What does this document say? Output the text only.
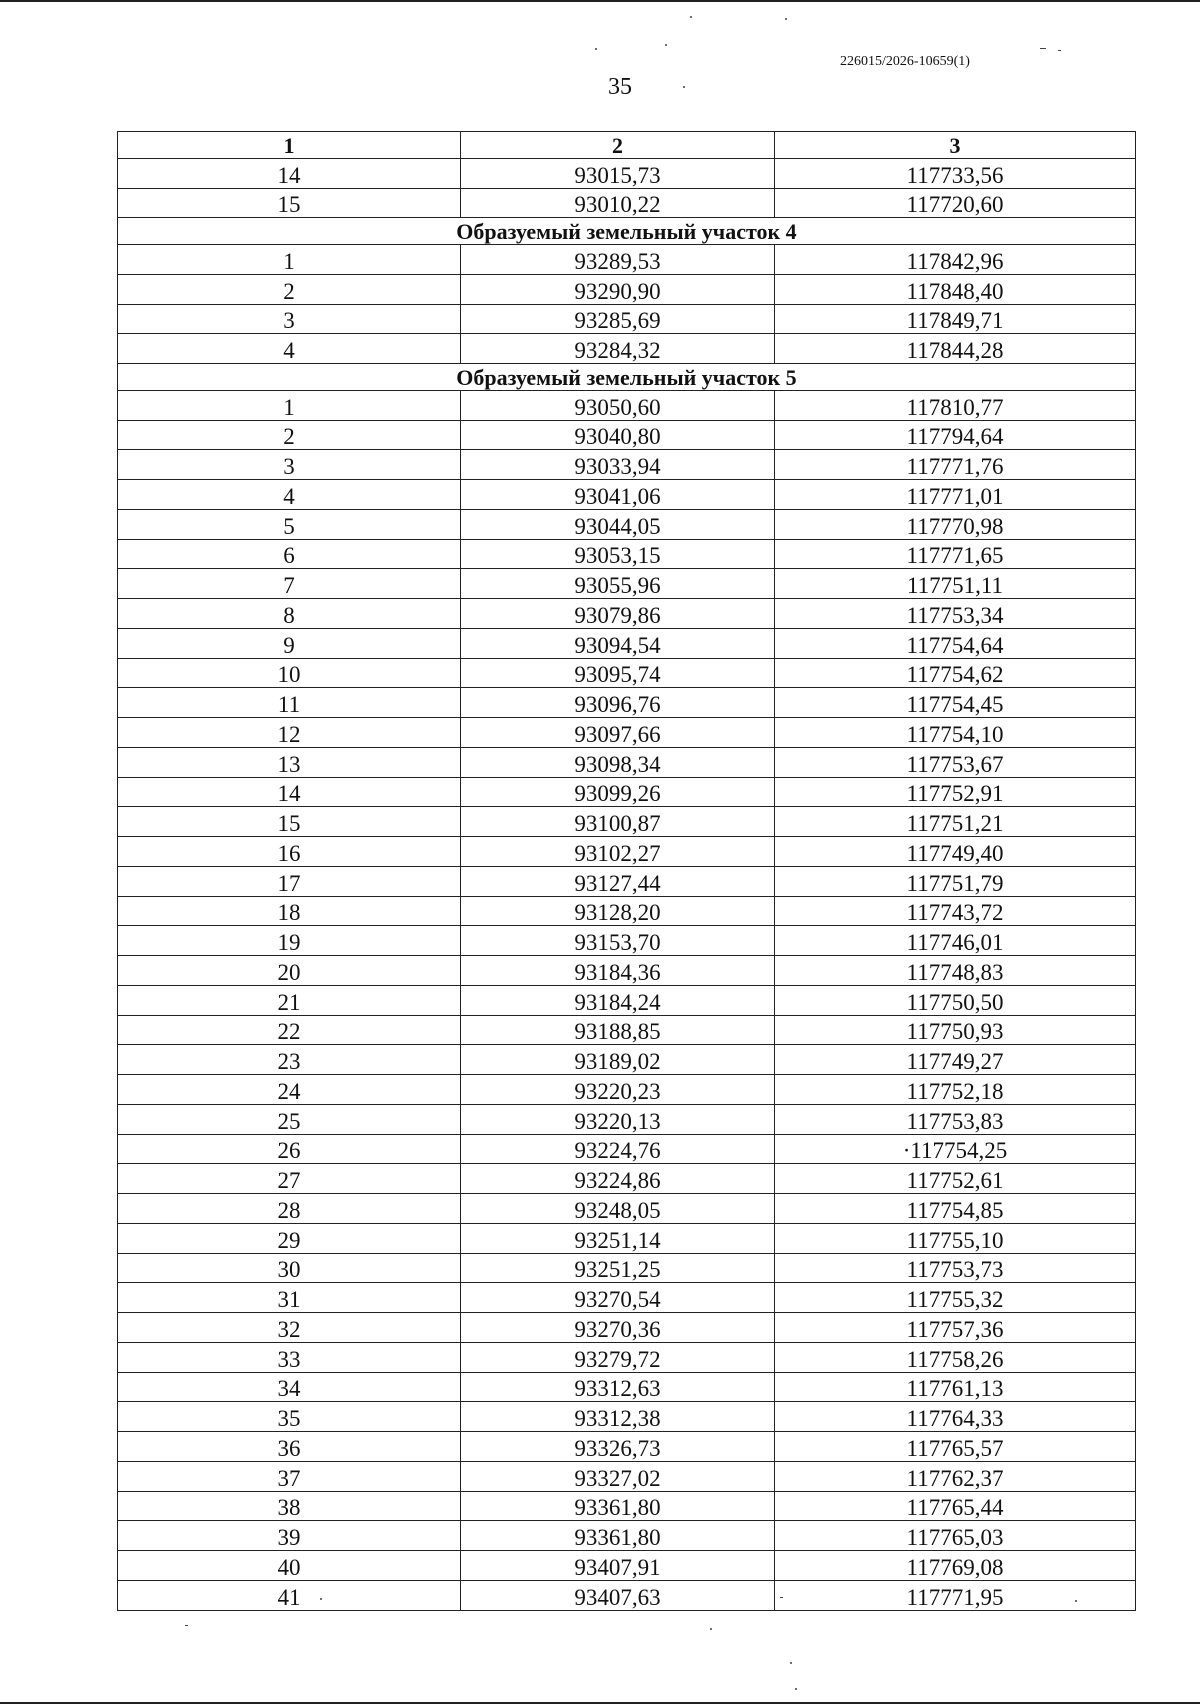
226015/2026-10659(1)
35
1	2	3
14	93015,73	117733,56
15	93010,22	117720,60
Образуемый земельный участок 4		
1	93289,53	117842,96
2	93290,90	117848,40
3	93285,69	117849,71
4	93284,32	117844,28
Образуемый земельный участок 5		
1	93050,60	117810,77
2	93040,80	117794,64
3	93033,94	117771,76
4	93041,06	117771,01
5	93044,05	117770,98
6	93053,15	117771,65
7	93055,96	117751,11
8	93079,86	117753,34
9	93094,54	117754,64
10	93095,74	117754,62
11	93096,76	117754,45
12	93097,66	117754,10
13	93098,34	117753,67
14	93099,26	117752,91
15	93100,87	117751,21
16	93102,27	117749,40
17	93127,44	117751,79
18	93128,20	117743,72
19	93153,70	117746,01
20	93184,36	117748,83
21	93184,24	117750,50
22	93188,85	117750,93
23	93189,02	117749,27
24	93220,23	117752,18
25	93220,13	117753,83
26	93224,76	·117754,25
27	93224,86	117752,61
28	93248,05	117754,85
29	93251,14	117755,10
30	93251,25	117753,73
31	93270,54	117755,32
32	93270,36	117757,36
33	93279,72	117758,26
34	93312,63	117761,13
35	93312,38	117764,33
36	93326,73	117765,57
37	93327,02	117762,37
38	93361,80	117765,44
39	93361,80	117765,03
40	93407,91	117769,08
41	93407,63	117771,95
